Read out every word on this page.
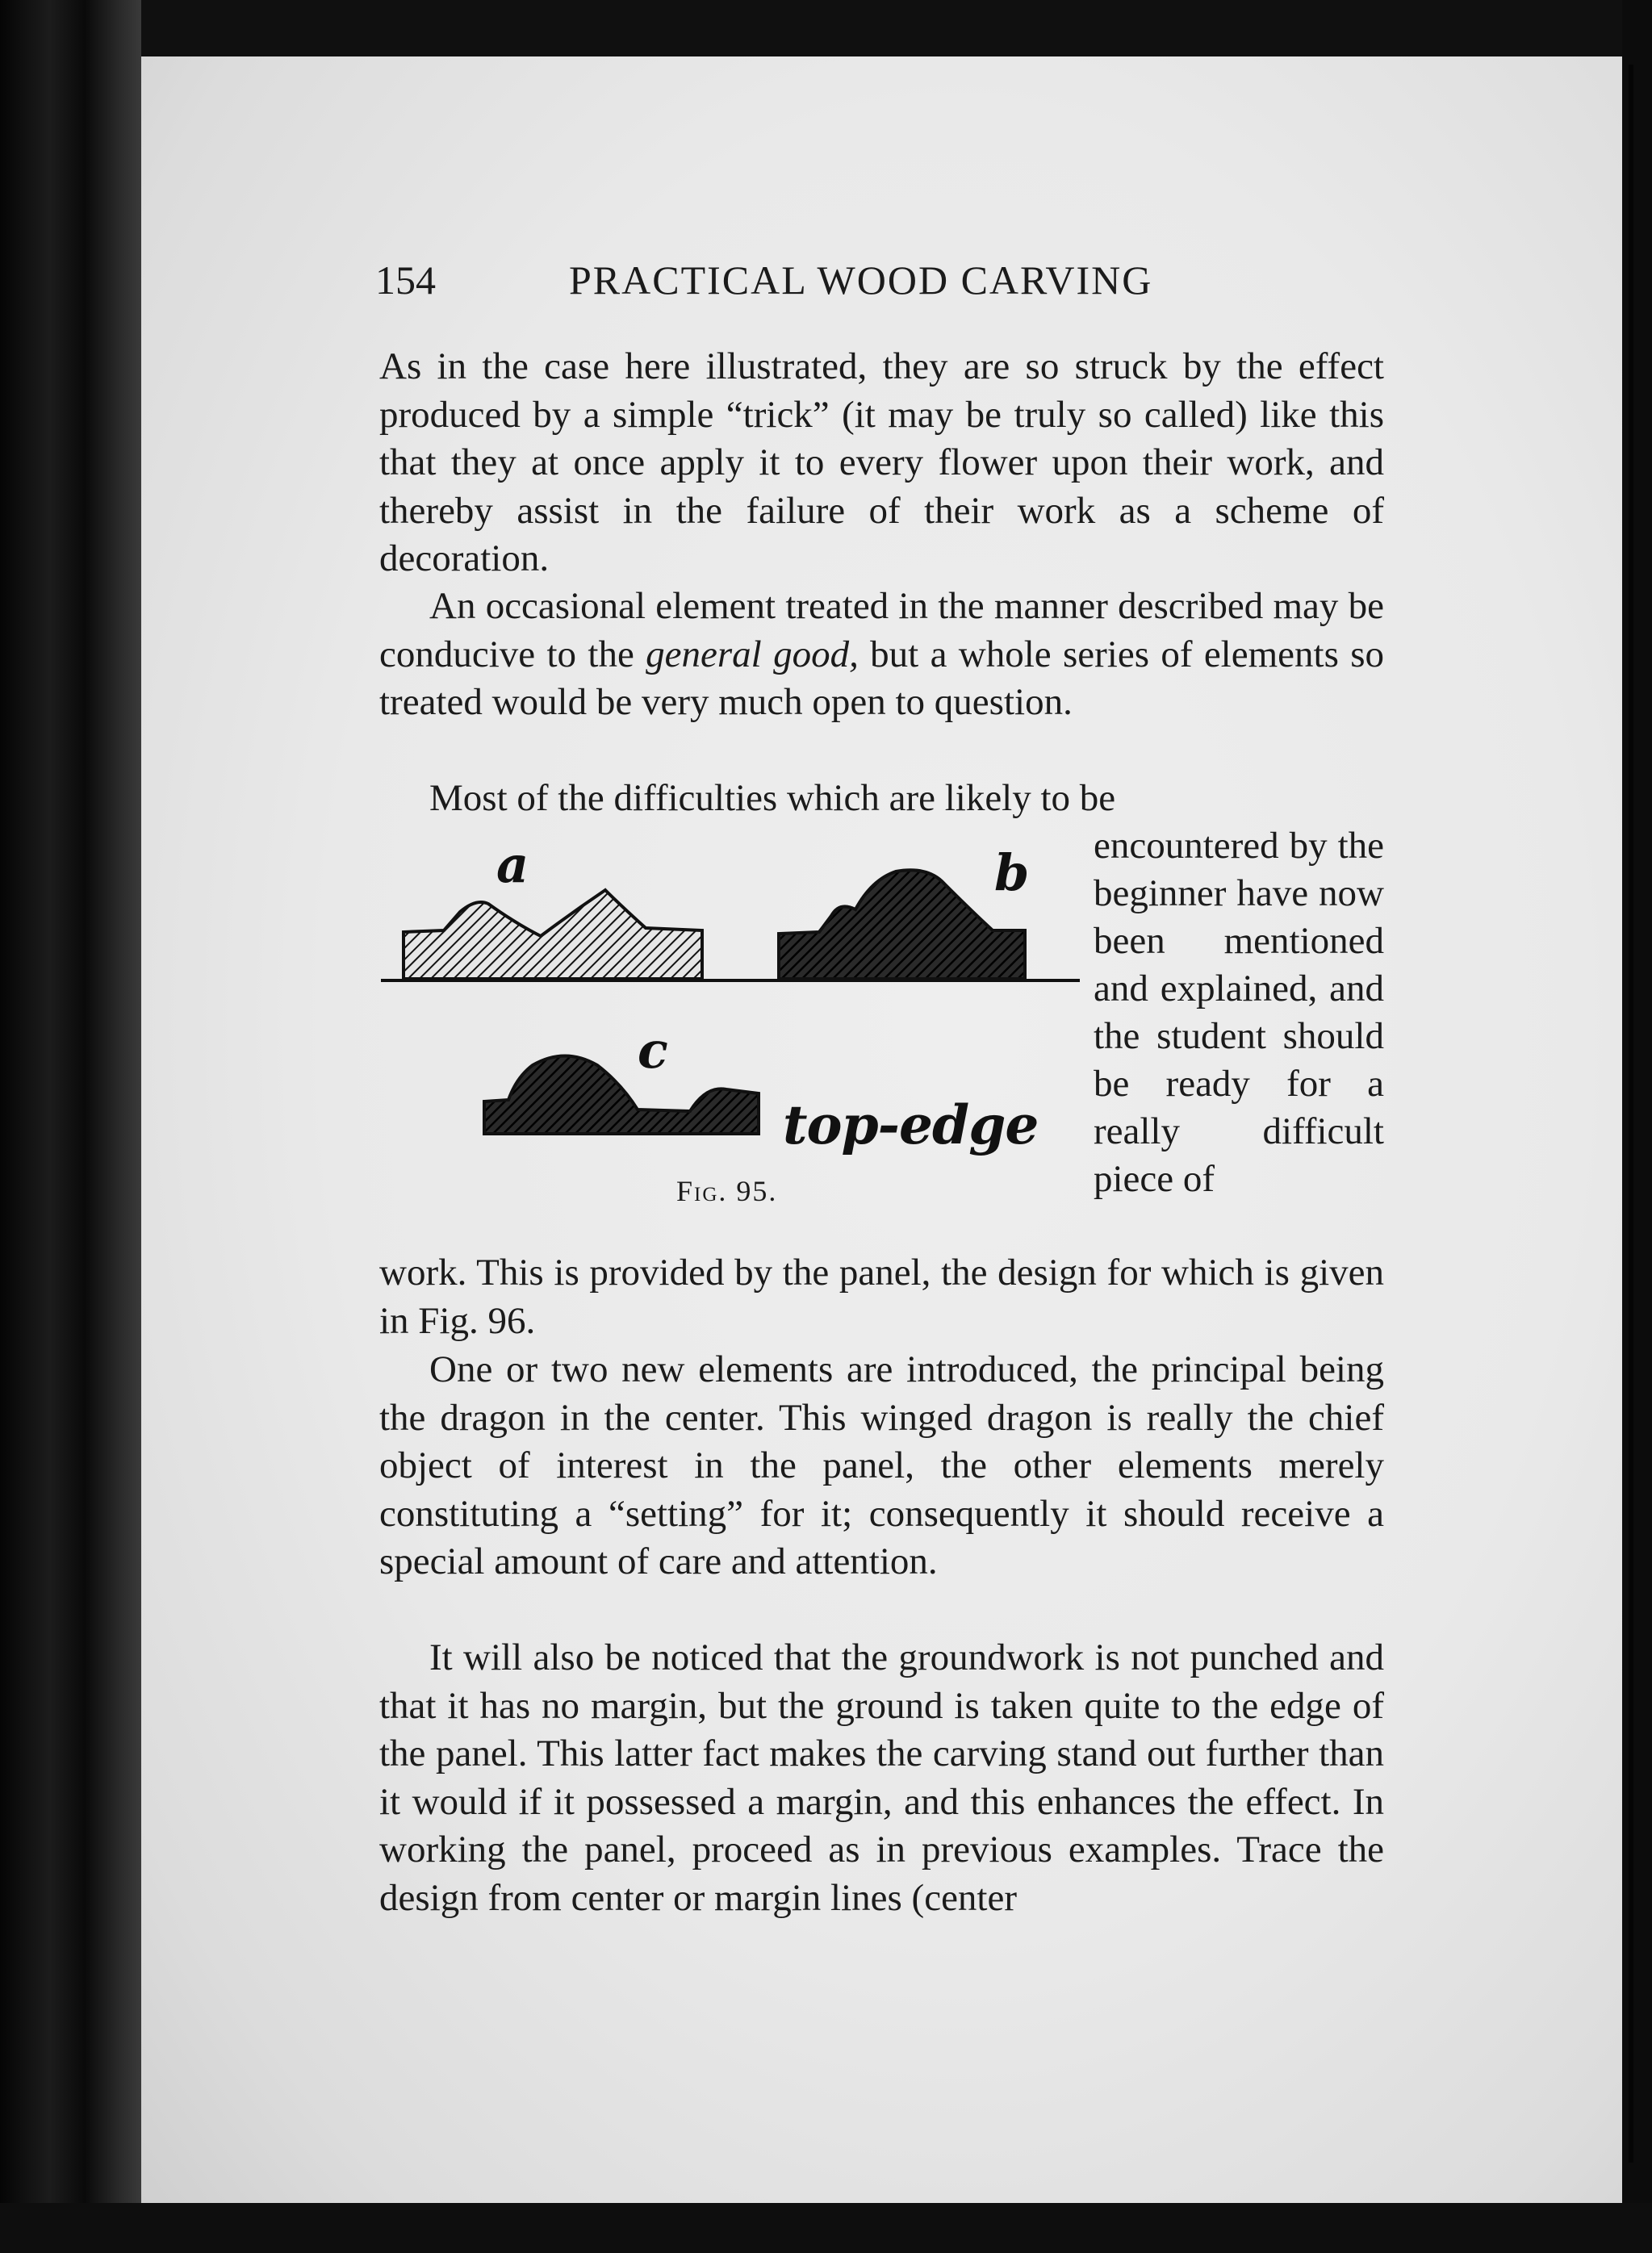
154	PRACTICAL WOOD CARVING

As in the case here illustrated, they are so struck by the effect produced by a simple “trick” (it may be truly so called) like this that they at once apply it to every flower upon their work, and thereby assist in the failure of their work as a scheme of decoration.

An occasional element treated in the manner described may be conducive to the general good, but a whole series of elements so treated would be very much open to question.

Most of the difficulties which are likely to be

encountered by the beginner have now been mentioned and explained, and the student should be ready for a really difficult piece of

work. This is provided by the panel, the design for which is given in Fig. 96.

One or two new elements are introduced, the principal being the dragon in the center. This winged dragon is really the chief object of interest in the panel, the other elements merely constituting a “setting” for it; consequently it should receive a special amount of care and attention.

It will also be noticed that the groundwork is not punched and that it has no margin, but the ground is taken quite to the edge of the panel. This latter fact makes the carving stand out further than it would if it possessed a margin, and this enhances the effect. In working the panel, proceed as in previous examples. Trace the design from center or margin lines (center

a	b
c
top-edge
Fig. 95.
